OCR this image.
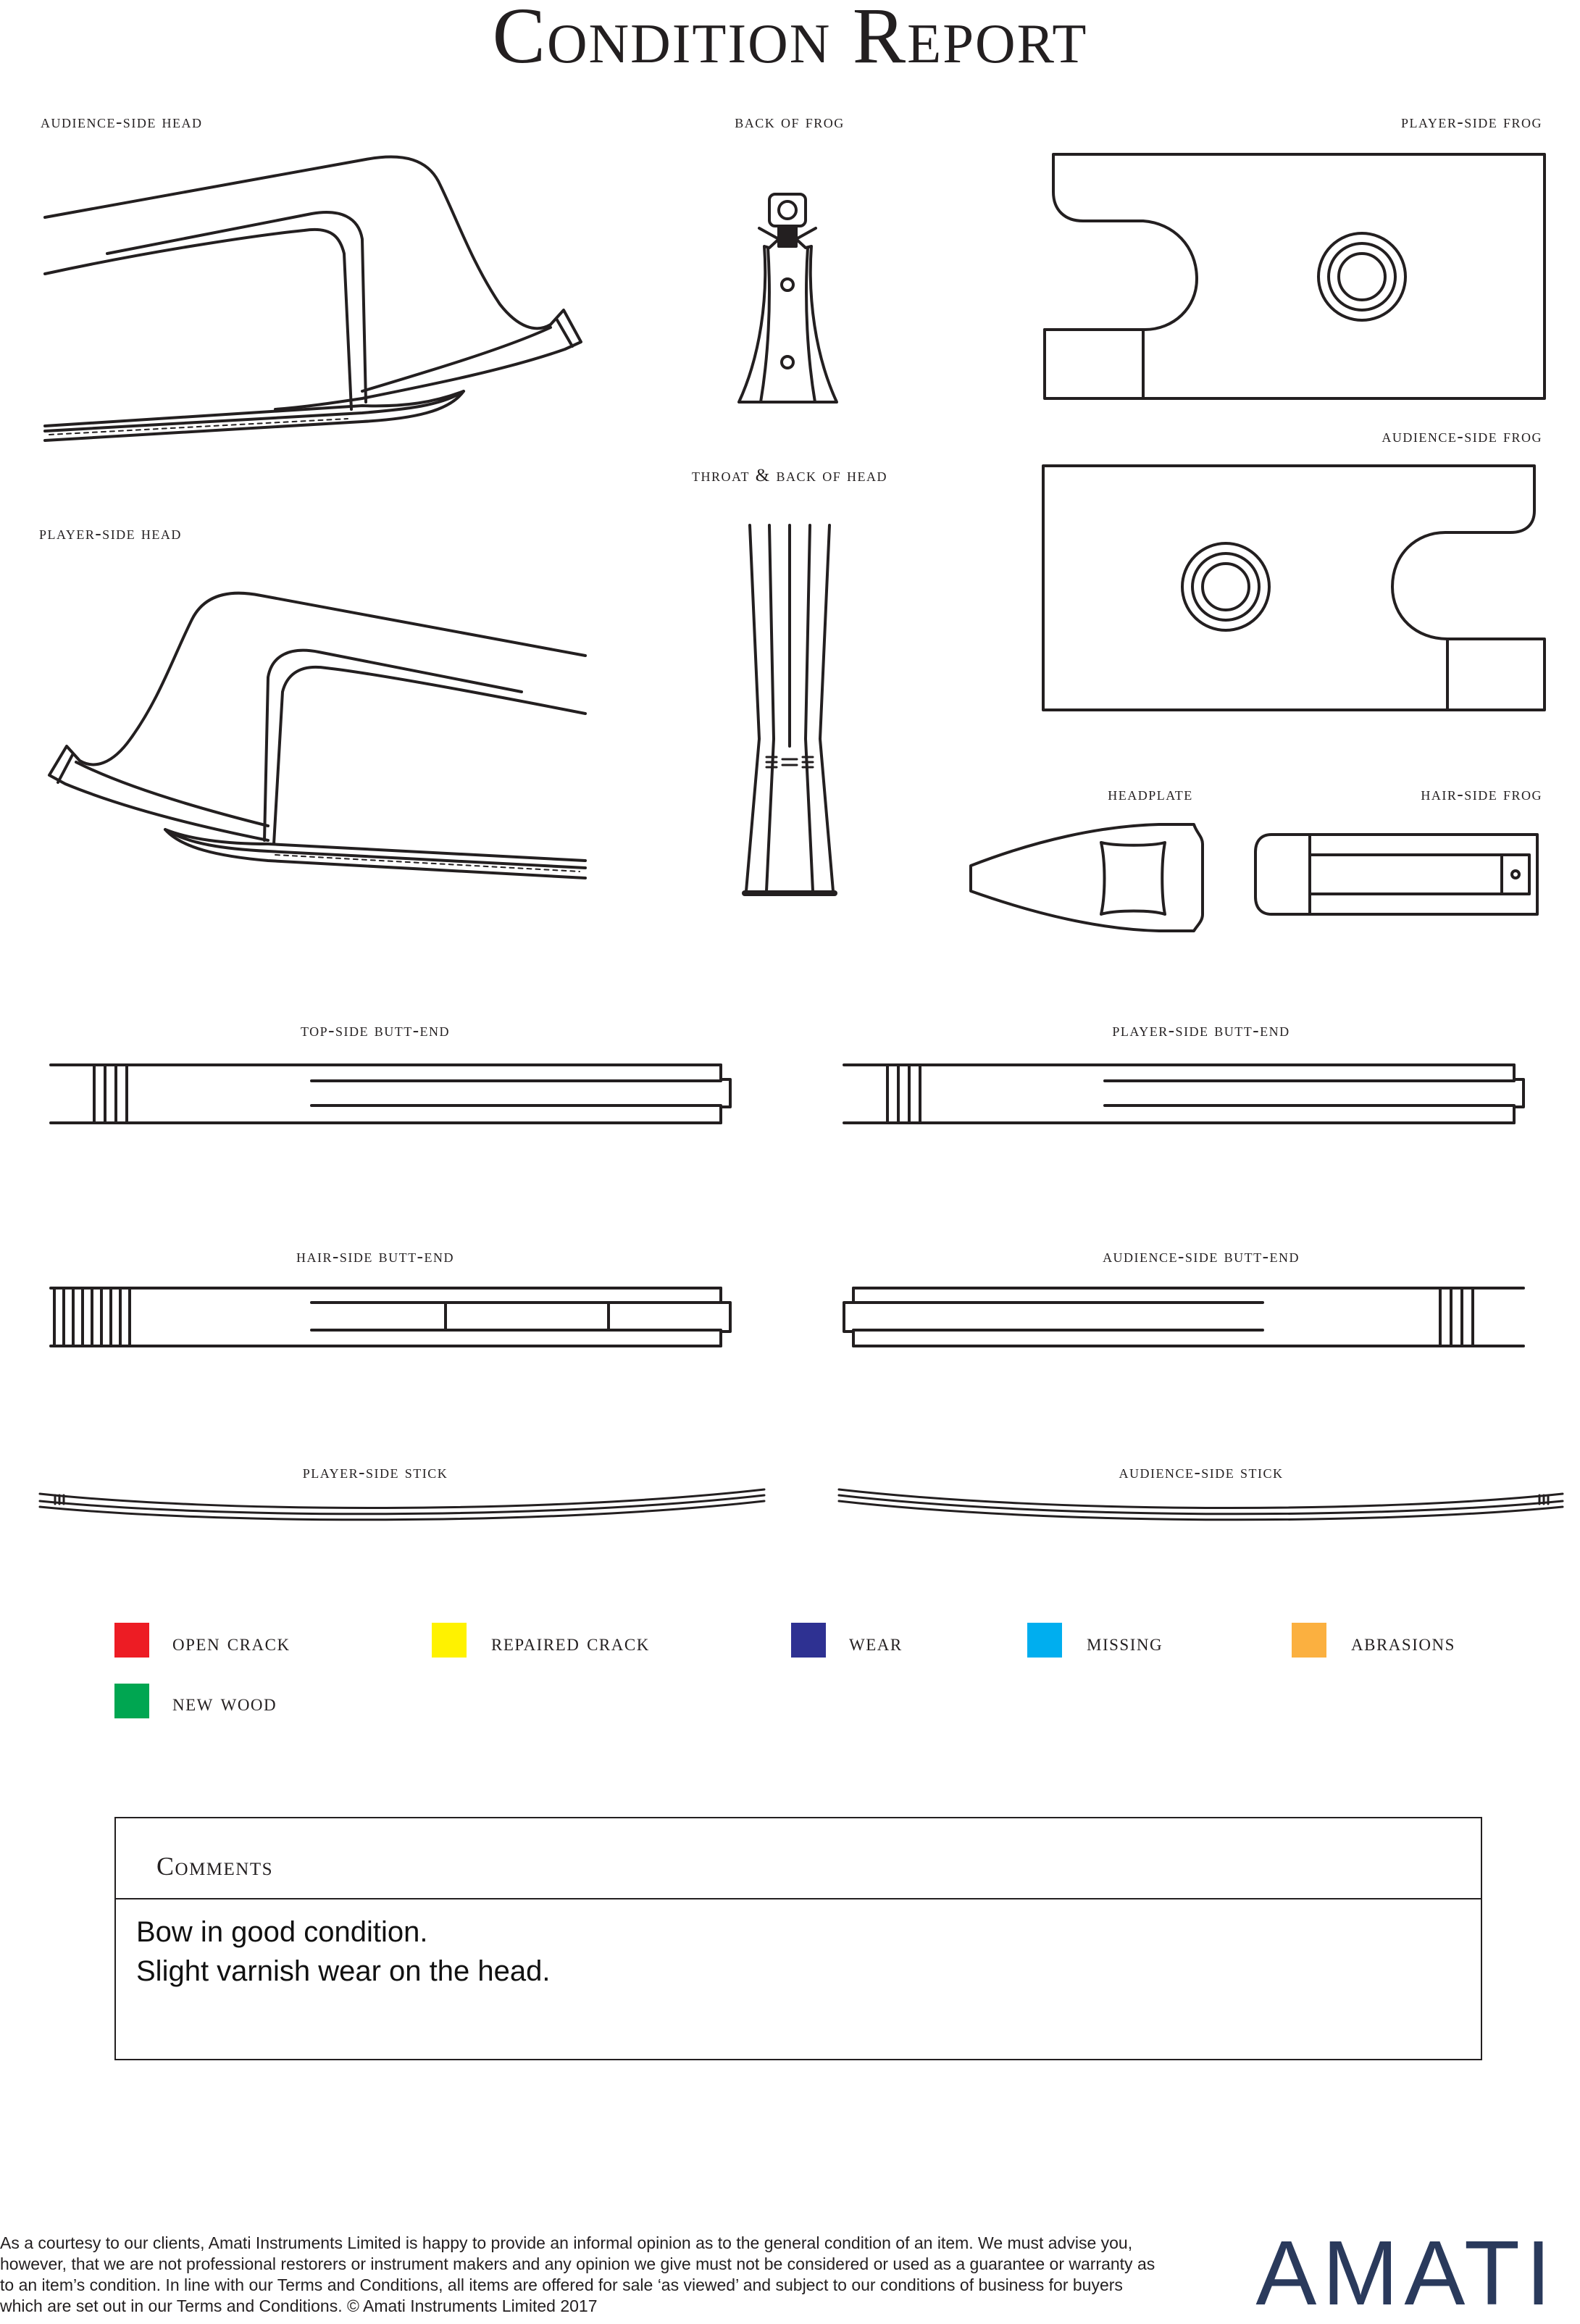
Condition Report
audience-side head	back of frog	player-side frog
audience-side frog
throat & back of head
player-side head
headplate	hair-side frog
top-side butt-end	player-side butt-end
hair-side butt-end	audience-side butt-end
player-side stick	audience-side stick
open crack	repaired crack	wear	missing	abrasions
new wood
Comments
Bow in good condition.
Slight varnish wear on the head.
As a courtesy to our clients, Amati Instruments Limited is happy to provide an informal opinion as to the general condition of an item. We must advise you, however, that we are not professional restorers or instrument makers and any opinion we give must not be considered or used as a guarantee or warranty as to an item’s condition. In line with our Terms and Conditions, all items are offered for sale ‘as viewed’ and subject to our conditions of business for buyers which are set out in our Terms and Conditions. © Amati Instruments Limited 2017	AMATI
